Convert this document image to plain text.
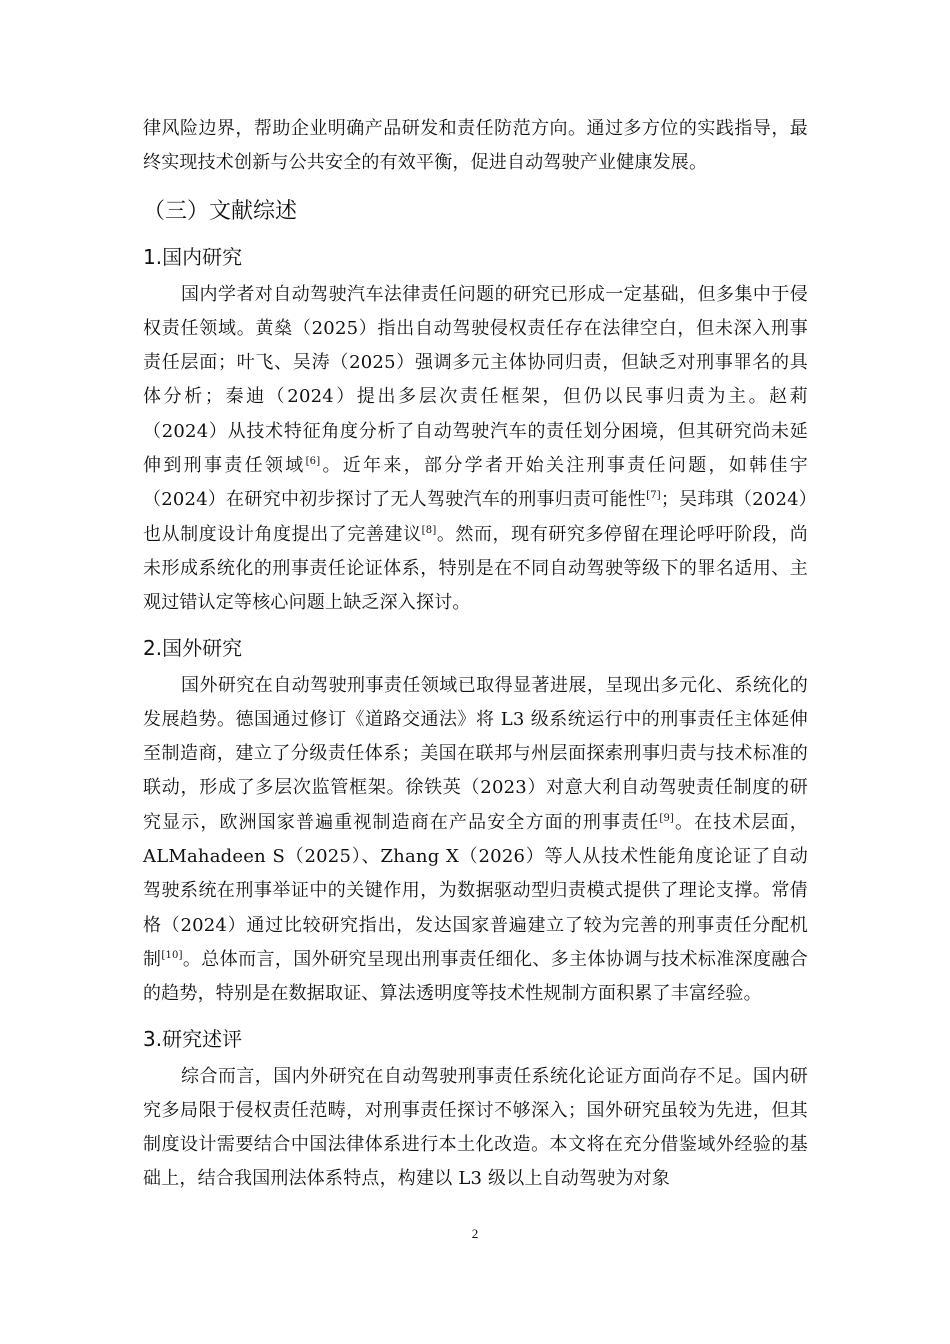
律风险边界，帮助企业明确产品研发和责任防范方向。通过多方位的实践指导，最终实现技术创新与公共安全的有效平衡，促进自动驾驶产业健康发展。

（三）文献综述
1.国内研究

国内学者对自动驾驶汽车法律责任问题的研究已形成一定基础，但多集中于侵权责任领域。黄燊（2025）指出自动驾驶侵权责任存在法律空白，但未深入刑事责任层面；叶飞、吴涛（2025）强调多元主体协同归责，但缺乏对刑事罪名的具体分析；秦迪（2024）提出多层次责任框架，但仍以民事归责为主。赵莉（2024）从技术特征角度分析了自动驾驶汽车的责任划分困境，但其研究尚未延伸到刑事责任领域[6]。近年来，部分学者开始关注刑事责任问题，如韩佳宇（2024）在研究中初步探讨了无人驾驶汽车的刑事归责可能性[7]；吴玮琪（2024）也从制度设计角度提出了完善建议[8]。然而，现有研究多停留在理论呼吁阶段，尚未形成系统化的刑事责任论证体系，特别是在不同自动驾驶等级下的罪名适用、主观过错认定等核心问题上缺乏深入探讨。

2.国外研究

国外研究在自动驾驶刑事责任领域已取得显著进展，呈现出多元化、系统化的发展趋势。德国通过修订《道路交通法》将 L3 级系统运行中的刑事责任主体延伸至制造商，建立了分级责任体系；美国在联邦与州层面探索刑事归责与技术标准的联动，形成了多层次监管框架。徐铁英（2023）对意大利自动驾驶责任制度的研究显示，欧洲国家普遍重视制造商在产品安全方面的刑事责任[9]。在技术层面，ALMahadeen S（2025）、Zhang X（2026）等人从技术性能角度论证了自动驾驶系统在刑事举证中的关键作用，为数据驱动型归责模式提供了理论支撑。常倩格（2024）通过比较研究指出，发达国家普遍建立了较为完善的刑事责任分配机制[10]。总体而言，国外研究呈现出刑事责任细化、多主体协调与技术标准深度融合的趋势，特别是在数据取证、算法透明度等技术性规制方面积累了丰富经验。

3.研究述评

综合而言，国内外研究在自动驾驶刑事责任系统化论证方面尚存不足。国内研究多局限于侵权责任范畴，对刑事责任探讨不够深入；国外研究虽较为先进，但其制度设计需要结合中国法律体系进行本土化改造。本文将在充分借鉴域外经验的基础上，结合我国刑法体系特点，构建以 L3 级以上自动驾驶为对象

2
